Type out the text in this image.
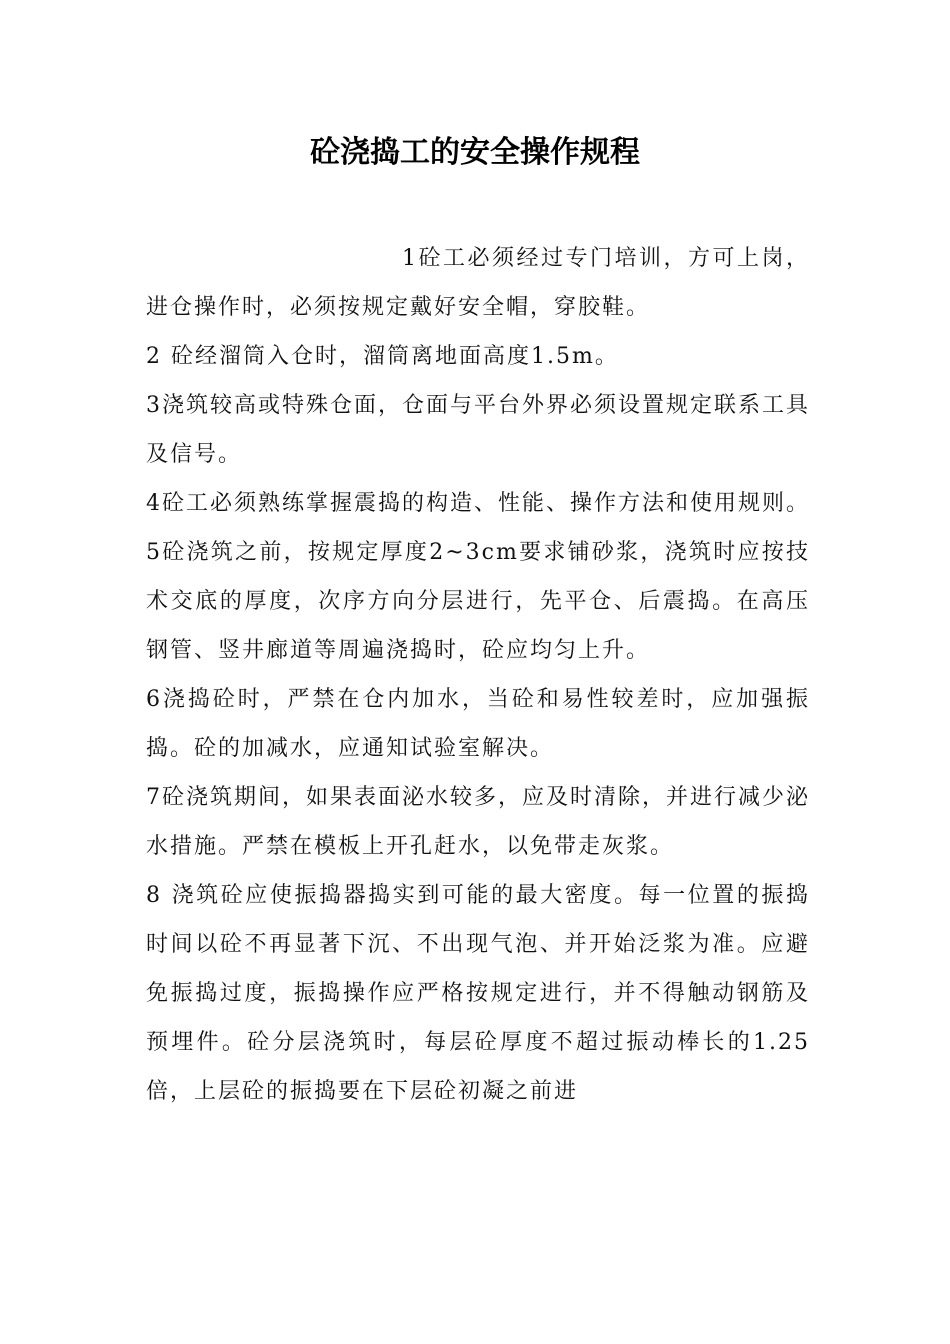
砼浇捣工的安全操作规程

1砼工必须经过专门培训，方可上岗，进仓操作时，必须按规定戴好安全帽，穿胶鞋。

2 砼经溜筒入仓时，溜筒离地面高度1.5m。

3浇筑较高或特殊仓面，仓面与平台外界必须设置规定联系工具及信号。

4砼工必须熟练掌握震捣的构造、性能、操作方法和使用规则。

5砼浇筑之前，按规定厚度2~3cm要求铺砂浆，浇筑时应按技术交底的厚度，次序方向分层进行，先平仓、后震捣。在高压钢管、竖井廊道等周遍浇捣时，砼应均匀上升。

6浇捣砼时，严禁在仓内加水，当砼和易性较差时，应加强振捣。砼的加减水，应通知试验室解决。

7砼浇筑期间，如果表面泌水较多，应及时清除，并进行减少泌水措施。严禁在模板上开孔赶水，以免带走灰浆。

8 浇筑砼应使振捣器捣实到可能的最大密度。每一位置的振捣时间以砼不再显著下沉、不出现气泡、并开始泛浆为准。应避免振捣过度，振捣操作应严格按规定进行，并不得触动钢筋及预埋件。砼分层浇筑时，每层砼厚度不超过振动棒长的1.25倍，上层砼的振捣要在下层砼初凝之前进
